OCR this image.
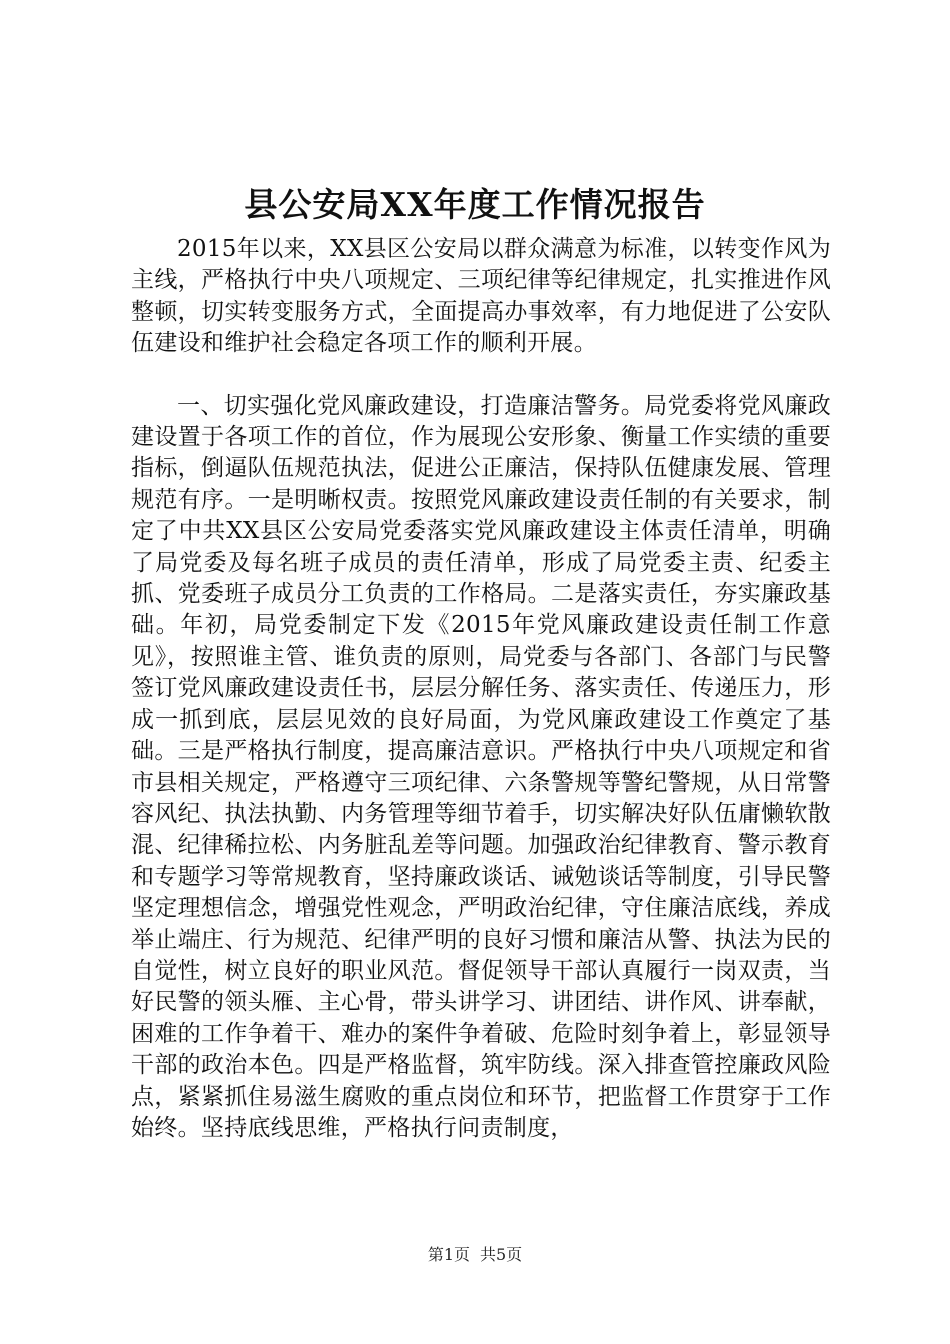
县公安局XX年度工作情况报告

2015年以来，XX县区公安局以群众满意为标准，以转变作风为主线，严格执行中央八项规定、三项纪律等纪律规定，扎实推进作风整顿，切实转变服务方式，全面提高办事效率，有力地促进了公安队伍建设和维护社会稳定各项工作的顺利开展。

一、切实强化党风廉政建设，打造廉洁警务。局党委将党风廉政建设置于各项工作的首位，作为展现公安形象、衡量工作实绩的重要指标，倒逼队伍规范执法，促进公正廉洁，保持队伍健康发展、管理规范有序。一是明晰权责。按照党风廉政建设责任制的有关要求，制定了中共XX县区公安局党委落实党风廉政建设主体责任清单，明确了局党委及每名班子成员的责任清单，形成了局党委主责、纪委主抓、党委班子成员分工负责的工作格局。二是落实责任，夯实廉政基础。年初，局党委制定下发《2015年党风廉政建设责任制工作意见》，按照谁主管、谁负责的原则，局党委与各部门、各部门与民警签订党风廉政建设责任书，层层分解任务、落实责任、传递压力，形成一抓到底，层层见效的良好局面，为党风廉政建设工作奠定了基础。三是严格执行制度，提高廉洁意识。严格执行中央八项规定和省市县相关规定，严格遵守三项纪律、六条警规等警纪警规，从日常警容风纪、执法执勤、内务管理等细节着手，切实解决好队伍庸懒软散混、纪律稀拉松、内务脏乱差等问题。加强政治纪律教育、警示教育和专题学习等常规教育，坚持廉政谈话、诫勉谈话等制度，引导民警坚定理想信念，增强党性观念，严明政治纪律，守住廉洁底线，养成举止端庄、行为规范、纪律严明的良好习惯和廉洁从警、执法为民的自觉性，树立良好的职业风范。督促领导干部认真履行一岗双责，当好民警的领头雁、主心骨，带头讲学习、讲团结、讲作风、讲奉献，困难的工作争着干、难办的案件争着破、危险时刻争着上，彰显领导干部的政治本色。四是严格监督，筑牢防线。深入排查管控廉政风险点，紧紧抓住易滋生腐败的重点岗位和环节，把监督工作贯穿于工作始终。坚持底线思维，严格执行问责制度，

第1页 共5页
